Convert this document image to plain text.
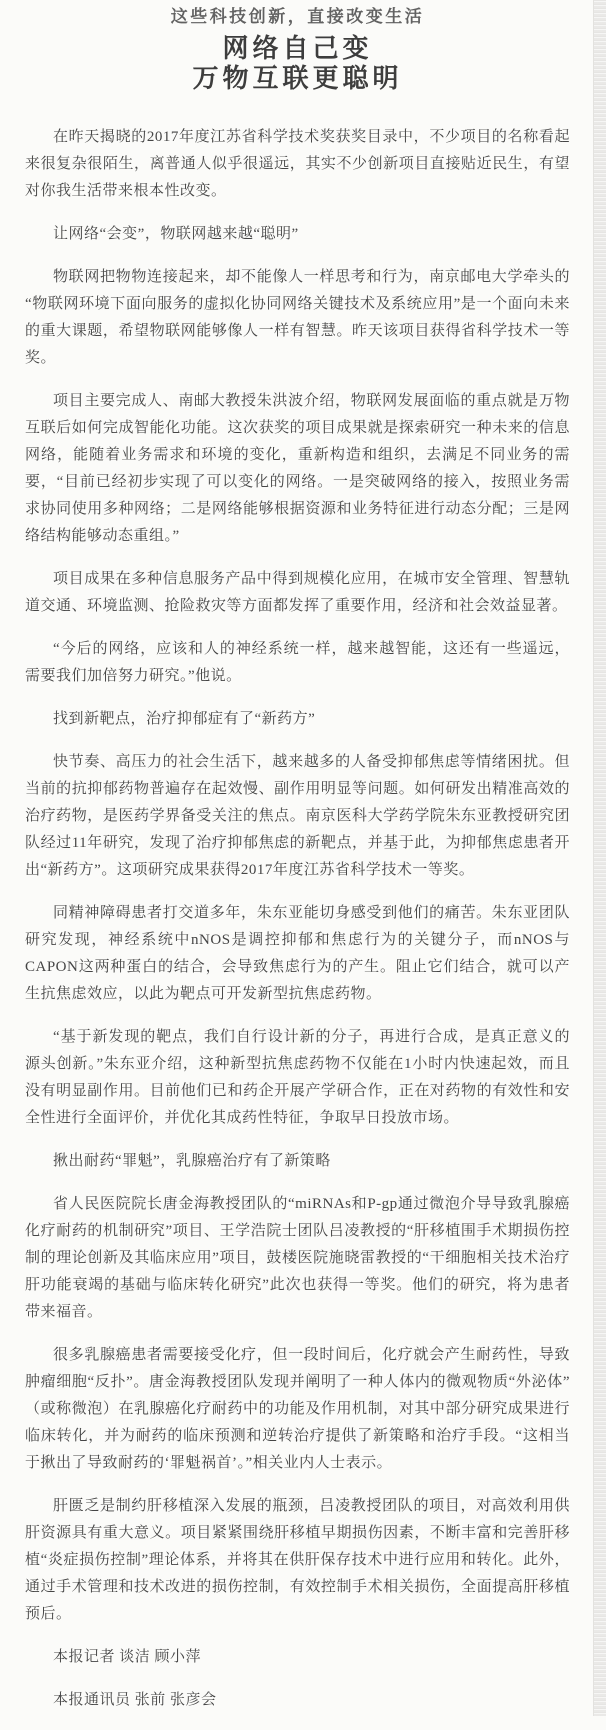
这些科技创新，直接改变生活
网络自己变
万物互联更聪明

在昨天揭晓的2017年度江苏省科学技术奖获奖目录中，不少项目的名称看起来很复杂很陌生，离普通人似乎很遥远，其实不少创新项目直接贴近民生，有望对你我生活带来根本性改变。

让网络“会变”，物联网越来越“聪明”

物联网把物物连接起来，却不能像人一样思考和行为，南京邮电大学牵头的“物联网环境下面向服务的虚拟化协同网络关键技术及系统应用”是一个面向未来的重大课题，希望物联网能够像人一样有智慧。昨天该项目获得省科学技术一等奖。

项目主要完成人、南邮大教授朱洪波介绍，物联网发展面临的重点就是万物互联后如何完成智能化功能。这次获奖的项目成果就是探索研究一种未来的信息网络，能随着业务需求和环境的变化，重新构造和组织，去满足不同业务的需要，“目前已经初步实现了可以变化的网络。一是突破网络的接入，按照业务需求协同使用多种网络；二是网络能够根据资源和业务特征进行动态分配；三是网络结构能够动态重组。”

项目成果在多种信息服务产品中得到规模化应用，在城市安全管理、智慧轨道交通、环境监测、抢险救灾等方面都发挥了重要作用，经济和社会效益显著。

“今后的网络，应该和人的神经系统一样，越来越智能，这还有一些遥远，需要我们加倍努力研究。”他说。

找到新靶点，治疗抑郁症有了“新药方”

快节奏、高压力的社会生活下，越来越多的人备受抑郁焦虑等情绪困扰。但当前的抗抑郁药物普遍存在起效慢、副作用明显等问题。如何研发出精准高效的治疗药物，是医药学界备受关注的焦点。南京医科大学药学院朱东亚教授研究团队经过11年研究，发现了治疗抑郁焦虑的新靶点，并基于此，为抑郁焦虑患者开出“新药方”。这项研究成果获得2017年度江苏省科学技术一等奖。

同精神障碍患者打交道多年，朱东亚能切身感受到他们的痛苦。朱东亚团队研究发现，神经系统中nNOS是调控抑郁和焦虑行为的关键分子，而nNOS与CAPON这两种蛋白的结合，会导致焦虑行为的产生。阻止它们结合，就可以产生抗焦虑效应，以此为靶点可开发新型抗焦虑药物。

“基于新发现的靶点，我们自行设计新的分子，再进行合成，是真正意义的源头创新。”朱东亚介绍，这种新型抗焦虑药物不仅能在1小时内快速起效，而且没有明显副作用。目前他们已和药企开展产学研合作，正在对药物的有效性和安全性进行全面评价，并优化其成药性特征，争取早日投放市场。

揪出耐药“罪魁”，乳腺癌治疗有了新策略

省人民医院院长唐金海教授团队的“miRNAs和P-gp通过微泡介导导致乳腺癌化疗耐药的机制研究”项目、王学浩院士团队吕凌教授的“肝移植围手术期损伤控制的理论创新及其临床应用”项目，鼓楼医院施晓雷教授的“干细胞相关技术治疗肝功能衰竭的基础与临床转化研究”此次也获得一等奖。他们的研究，将为患者带来福音。

很多乳腺癌患者需要接受化疗，但一段时间后，化疗就会产生耐药性，导致肿瘤细胞“反扑”。唐金海教授团队发现并阐明了一种人体内的微观物质“外泌体”（或称微泡）在乳腺癌化疗耐药中的功能及作用机制，对其中部分研究成果进行临床转化，并为耐药的临床预测和逆转治疗提供了新策略和治疗手段。“这相当于揪出了导致耐药的‘罪魁祸首’。”相关业内人士表示。

肝匮乏是制约肝移植深入发展的瓶颈，吕凌教授团队的项目，对高效利用供肝资源具有重大意义。项目紧紧围绕肝移植早期损伤因素，不断丰富和完善肝移植“炎症损伤控制”理论体系，并将其在供肝保存技术中进行应用和转化。此外，通过手术管理和技术改进的损伤控制，有效控制手术相关损伤，全面提高肝移植预后。

本报记者 谈洁 顾小萍

本报通讯员 张前 张彦会
